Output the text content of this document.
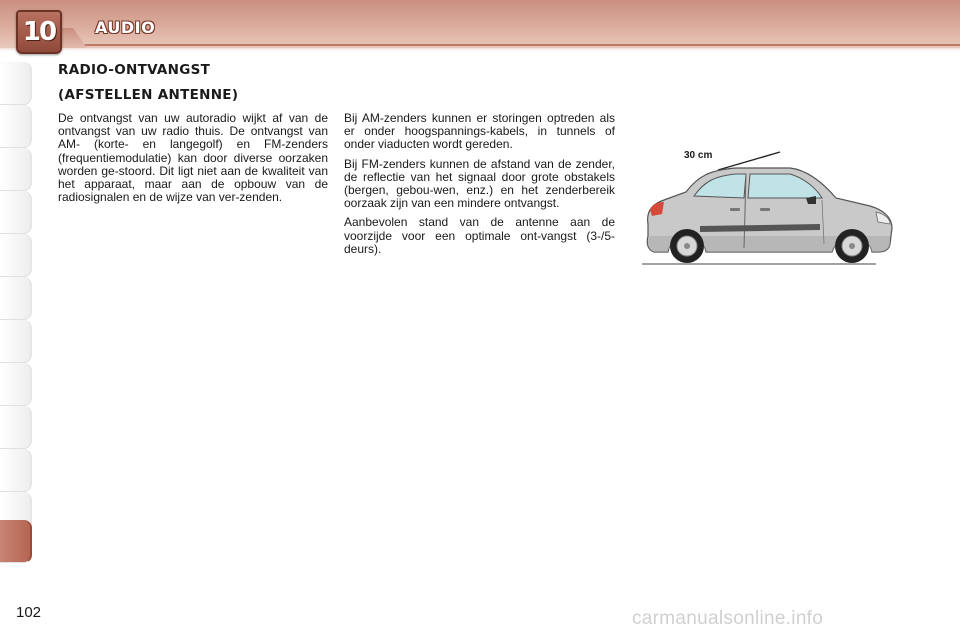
10	AUDIO
RADIO-ONTVANGST
(AFSTELLEN ANTENNE)

De ontvangst van uw autoradio wijkt af van de ontvangst van uw radio thuis. De ontvangst van AM- (korte- en langegolf) en FM-zenders (frequentiemodulatie) kan door diverse oorzaken worden ge-stoord. Dit ligt niet aan de kwaliteit van het apparaat, maar aan de opbouw van de radiosignalen en de wijze van ver-zenden.

Bij AM-zenders kunnen er storingen optreden als er onder hoogspannings-kabels, in tunnels of onder viaducten wordt gereden.

Bij FM-zenders kunnen de afstand van de zender, de reflectie van het signaal door grote obstakels (bergen, gebou-wen, enz.) en het zenderbereik oorzaak zijn van een mindere ontvangst.

Aanbevolen stand van de antenne aan de voorzijde voor een optimale ont-vangst (3-/5-deurs).

30 cm
102	carmanualsonline.info
